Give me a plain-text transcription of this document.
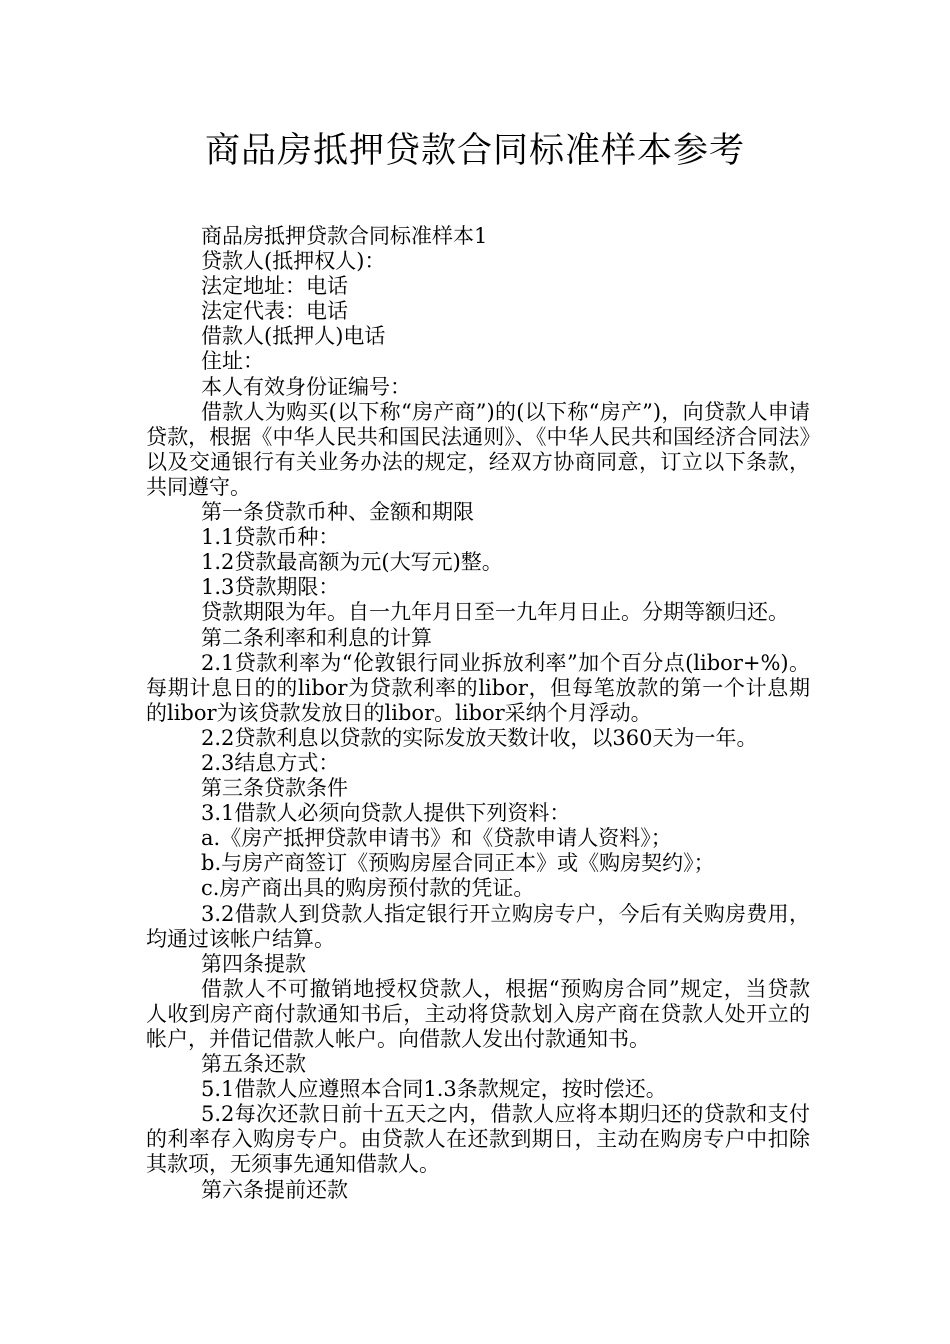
商品房抵押贷款合同标准样本参考

商品房抵押贷款合同标准样本1

贷款人(抵押权人)：

法定地址：电话

法定代表：电话

借款人(抵押人)电话

住址：

本人有效身份证编号：

借款人为购买(以下称“房产商”)的(以下称“房产”)，向贷款人申请贷款，根据《中华人民共和国民法通则》、《中华人民共和国经济合同法》以及交通银行有关业务办法的规定，经双方协商同意，订立以下条款，共同遵守。

第一条贷款币种、金额和期限

1.1贷款币种：

1.2贷款最高额为元(大写元)整。

1.3贷款期限：

贷款期限为年。自一九年月日至一九年月日止。分期等额归还。

第二条利率和利息的计算

2.1贷款利率为“伦敦银行同业拆放利率”加个百分点(libor+%)。每期计息日的的libor为贷款利率的libor，但每笔放款的第一个计息期的libor为该贷款发放日的libor。libor采纳个月浮动。

2.2贷款利息以贷款的实际发放天数计收，以360天为一年。

2.3结息方式：

第三条贷款条件

3.1借款人必须向贷款人提供下列资料：

a.《房产抵押贷款申请书》和《贷款申请人资料》；

b.与房产商签订《预购房屋合同正本》或《购房契约》；

c.房产商出具的购房预付款的凭证。

3.2借款人到贷款人指定银行开立购房专户，今后有关购房费用，均通过该帐户结算。

第四条提款

借款人不可撤销地授权贷款人，根据“预购房合同”规定，当贷款人收到房产商付款通知书后，主动将贷款划入房产商在贷款人处开立的帐户，并借记借款人帐户。向借款人发出付款通知书。

第五条还款

5.1借款人应遵照本合同1.3条款规定，按时偿还。

5.2每次还款日前十五天之内，借款人应将本期归还的贷款和支付的利率存入购房专户。由贷款人在还款到期日，主动在购房专户中扣除其款项，无须事先通知借款人。

第六条提前还款
